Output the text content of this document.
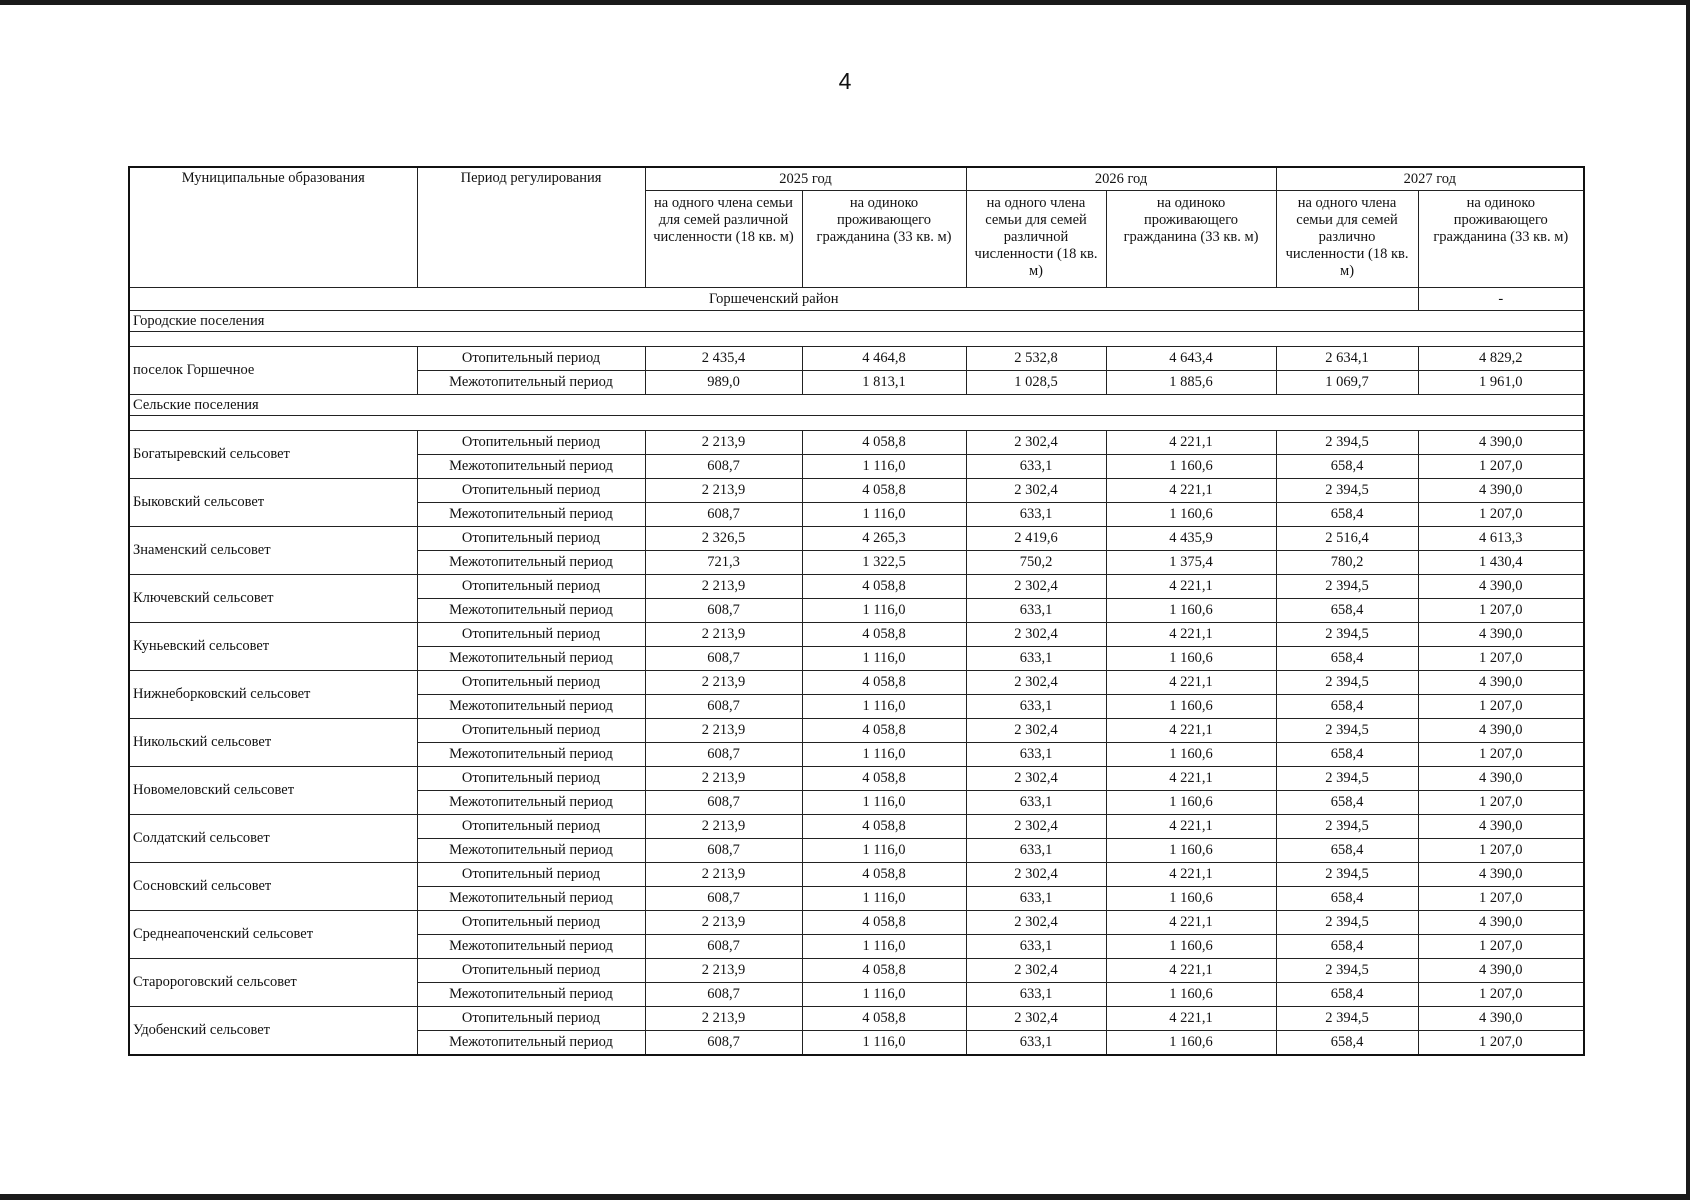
4
Муниципальные образования	Период регулирования	2025 год		2026 год		2027 год	
		на одного члена семьи для семей различной численности (18 кв. м)	на одиноко проживающего гражданина (33 кв. м)	на одного члена семьи для семей различной численности (18 кв. м)	на одиноко проживающего гражданина (33 кв. м)	на одного члена семьи для семей различно численности (18 кв. м)	на одиноко проживающего гражданина (33 кв. м)
Горшеченский район							-
Городские поселения							

поселок Горшечное	Отопительный период	2 435,4	4 464,8	2 532,8	4 643,4	2 634,1	4 829,2
	Межотопительный период	989,0	1 813,1	1 028,5	1 885,6	1 069,7	1 961,0
Сельские поселения							

Богатыревский сельсовет	Отопительный период	2 213,9	4 058,8	2 302,4	4 221,1	2 394,5	4 390,0
	Межотопительный период	608,7	1 116,0	633,1	1 160,6	658,4	1 207,0
Быковский сельсовет	Отопительный период	2 213,9	4 058,8	2 302,4	4 221,1	2 394,5	4 390,0
	Межотопительный период	608,7	1 116,0	633,1	1 160,6	658,4	1 207,0
Знаменский сельсовет	Отопительный период	2 326,5	4 265,3	2 419,6	4 435,9	2 516,4	4 613,3
	Межотопительный период	721,3	1 322,5	750,2	1 375,4	780,2	1 430,4
Ключевский сельсовет	Отопительный период	2 213,9	4 058,8	2 302,4	4 221,1	2 394,5	4 390,0
	Межотопительный период	608,7	1 116,0	633,1	1 160,6	658,4	1 207,0
Куньевский сельсовет	Отопительный период	2 213,9	4 058,8	2 302,4	4 221,1	2 394,5	4 390,0
	Межотопительный период	608,7	1 116,0	633,1	1 160,6	658,4	1 207,0
Нижнеборковский сельсовет	Отопительный период	2 213,9	4 058,8	2 302,4	4 221,1	2 394,5	4 390,0
	Межотопительный период	608,7	1 116,0	633,1	1 160,6	658,4	1 207,0
Никольский сельсовет	Отопительный период	2 213,9	4 058,8	2 302,4	4 221,1	2 394,5	4 390,0
	Межотопительный период	608,7	1 116,0	633,1	1 160,6	658,4	1 207,0
Новомеловский сельсовет	Отопительный период	2 213,9	4 058,8	2 302,4	4 221,1	2 394,5	4 390,0
	Межотопительный период	608,7	1 116,0	633,1	1 160,6	658,4	1 207,0
Солдатский сельсовет	Отопительный период	2 213,9	4 058,8	2 302,4	4 221,1	2 394,5	4 390,0
	Межотопительный период	608,7	1 116,0	633,1	1 160,6	658,4	1 207,0
Сосновский сельсовет	Отопительный период	2 213,9	4 058,8	2 302,4	4 221,1	2 394,5	4 390,0
	Межотопительный период	608,7	1 116,0	633,1	1 160,6	658,4	1 207,0
Среднеапоченский сельсовет	Отопительный период	2 213,9	4 058,8	2 302,4	4 221,1	2 394,5	4 390,0
	Межотопительный период	608,7	1 116,0	633,1	1 160,6	658,4	1 207,0
Старороговский сельсовет	Отопительный период	2 213,9	4 058,8	2 302,4	4 221,1	2 394,5	4 390,0
	Межотопительный период	608,7	1 116,0	633,1	1 160,6	658,4	1 207,0
Удобенский сельсовет	Отопительный период	2 213,9	4 058,8	2 302,4	4 221,1	2 394,5	4 390,0
	Межотопительный период	608,7	1 116,0	633,1	1 160,6	658,4	1 207,0
